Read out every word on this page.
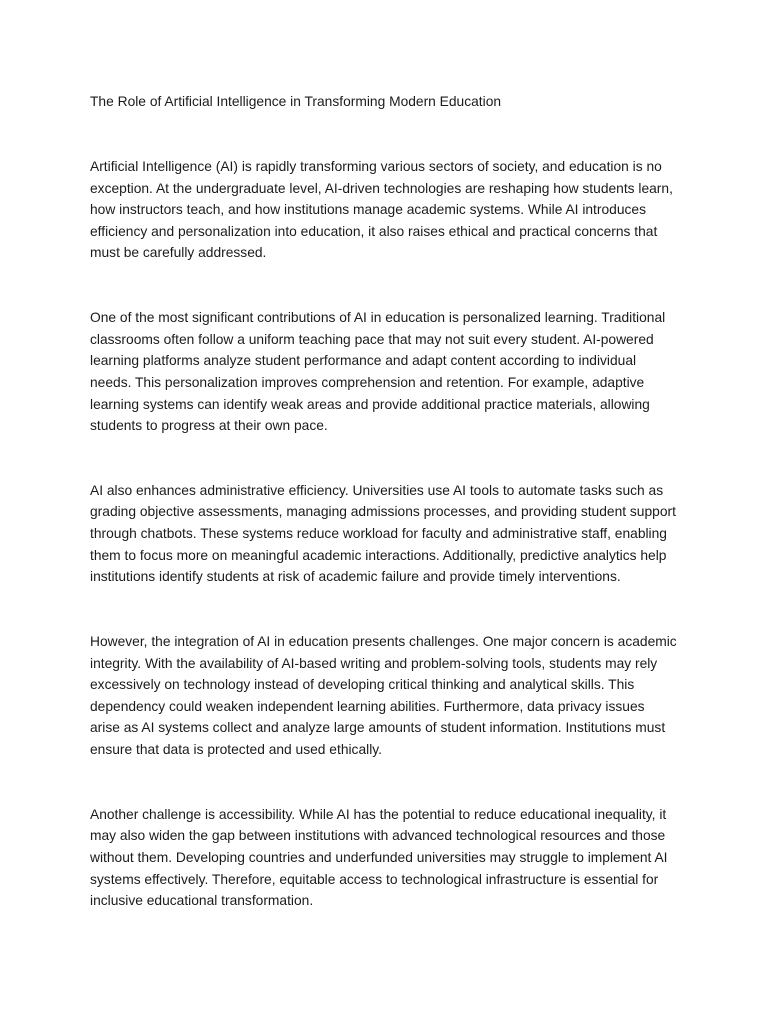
The Role of Artificial Intelligence in Transforming Modern Education
Artificial Intelligence (AI) is rapidly transforming various sectors of society, and education is no
exception. At the undergraduate level, AI-driven technologies are reshaping how students learn,
how instructors teach, and how institutions manage academic systems. While AI introduces
efficiency and personalization into education, it also raises ethical and practical concerns that
must be carefully addressed.
One of the most significant contributions of AI in education is personalized learning. Traditional
classrooms often follow a uniform teaching pace that may not suit every student. AI-powered
learning platforms analyze student performance and adapt content according to individual
needs. This personalization improves comprehension and retention. For example, adaptive
learning systems can identify weak areas and provide additional practice materials, allowing
students to progress at their own pace.
AI also enhances administrative efficiency. Universities use AI tools to automate tasks such as
grading objective assessments, managing admissions processes, and providing student support
through chatbots. These systems reduce workload for faculty and administrative staff, enabling
them to focus more on meaningful academic interactions. Additionally, predictive analytics help
institutions identify students at risk of academic failure and provide timely interventions.
However, the integration of AI in education presents challenges. One major concern is academic
integrity. With the availability of AI-based writing and problem-solving tools, students may rely
excessively on technology instead of developing critical thinking and analytical skills. This
dependency could weaken independent learning abilities. Furthermore, data privacy issues
arise as AI systems collect and analyze large amounts of student information. Institutions must
ensure that data is protected and used ethically.
Another challenge is accessibility. While AI has the potential to reduce educational inequality, it
may also widen the gap between institutions with advanced technological resources and those
without them. Developing countries and underfunded universities may struggle to implement AI
systems effectively. Therefore, equitable access to technological infrastructure is essential for
inclusive educational transformation.
